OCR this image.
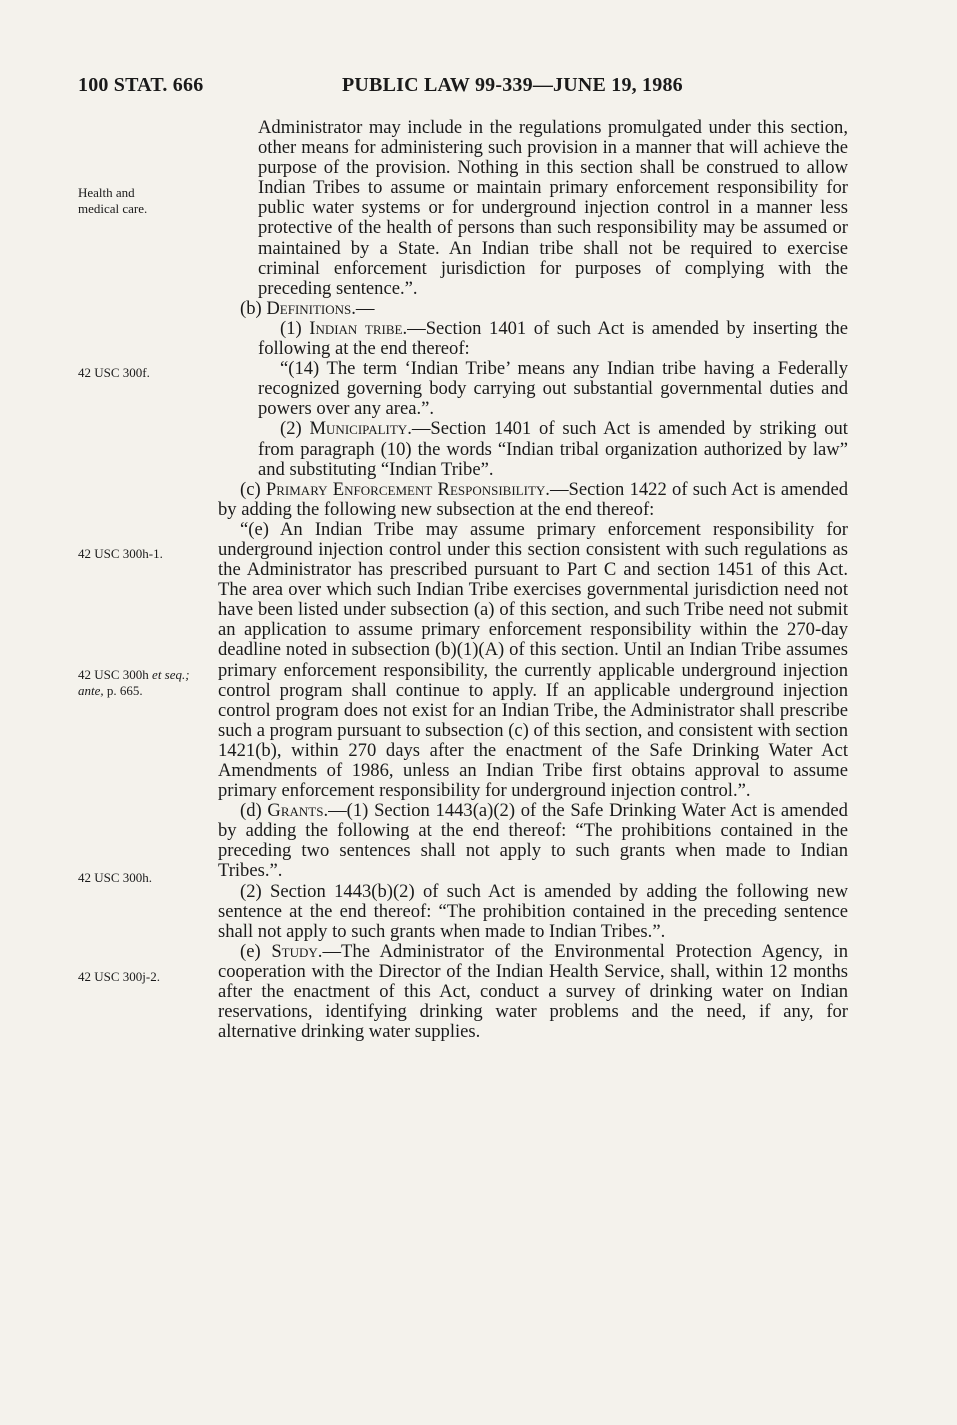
100 STAT. 666	PUBLIC LAW 99-339—JUNE 19, 1986
Health and medical care.
42 USC 300f.
42 USC 300h-1.
42 USC 300h et seq.; ante, p. 665.
42 USC 300h.
42 USC 300j-2.

Administrator may include in the regulations promulgated under this section, other means for administering such provision in a manner that will achieve the purpose of the provision. Nothing in this section shall be construed to allow Indian Tribes to assume or maintain primary enforcement responsibility for public water systems or for underground injection control in a manner less protective of the health of persons than such responsibility may be assumed or maintained by a State. An Indian tribe shall not be required to exercise criminal enforcement jurisdiction for purposes of complying with the preceding sentence.”.

(b) Definitions.—

(1) Indian tribe.—Section 1401 of such Act is amended by inserting the following at the end thereof:

“(14) The term ‘Indian Tribe’ means any Indian tribe having a Federally recognized governing body carrying out substantial governmental duties and powers over any area.”.

(2) Municipality.—Section 1401 of such Act is amended by striking out from paragraph (10) the words “Indian tribal organization authorized by law” and substituting “Indian Tribe”.

(c) Primary Enforcement Responsibility.—Section 1422 of such Act is amended by adding the following new subsection at the end thereof:

“(e) An Indian Tribe may assume primary enforcement responsibility for underground injection control under this section consistent with such regulations as the Administrator has prescribed pursuant to Part C and section 1451 of this Act. The area over which such Indian Tribe exercises governmental jurisdiction need not have been listed under subsection (a) of this section, and such Tribe need not submit an application to assume primary enforcement responsibility within the 270-day deadline noted in subsection (b)(1)(A) of this section. Until an Indian Tribe assumes primary enforcement responsibility, the currently applicable underground injection control program shall continue to apply. If an applicable underground injection control program does not exist for an Indian Tribe, the Administrator shall prescribe such a program pursuant to subsection (c) of this section, and consistent with section 1421(b), within 270 days after the enactment of the Safe Drinking Water Act Amendments of 1986, unless an Indian Tribe first obtains approval to assume primary enforcement responsibility for underground injection control.”.

(d) Grants.—(1) Section 1443(a)(2) of the Safe Drinking Water Act is amended by adding the following at the end thereof: “The prohibitions contained in the preceding two sentences shall not apply to such grants when made to Indian Tribes.”.

(2) Section 1443(b)(2) of such Act is amended by adding the following new sentence at the end thereof: “The prohibition contained in the preceding sentence shall not apply to such grants when made to Indian Tribes.”.

(e) Study.—The Administrator of the Environmental Protection Agency, in cooperation with the Director of the Indian Health Service, shall, within 12 months after the enactment of this Act, conduct a survey of drinking water on Indian reservations, identifying drinking water problems and the need, if any, for alternative drinking water supplies.
